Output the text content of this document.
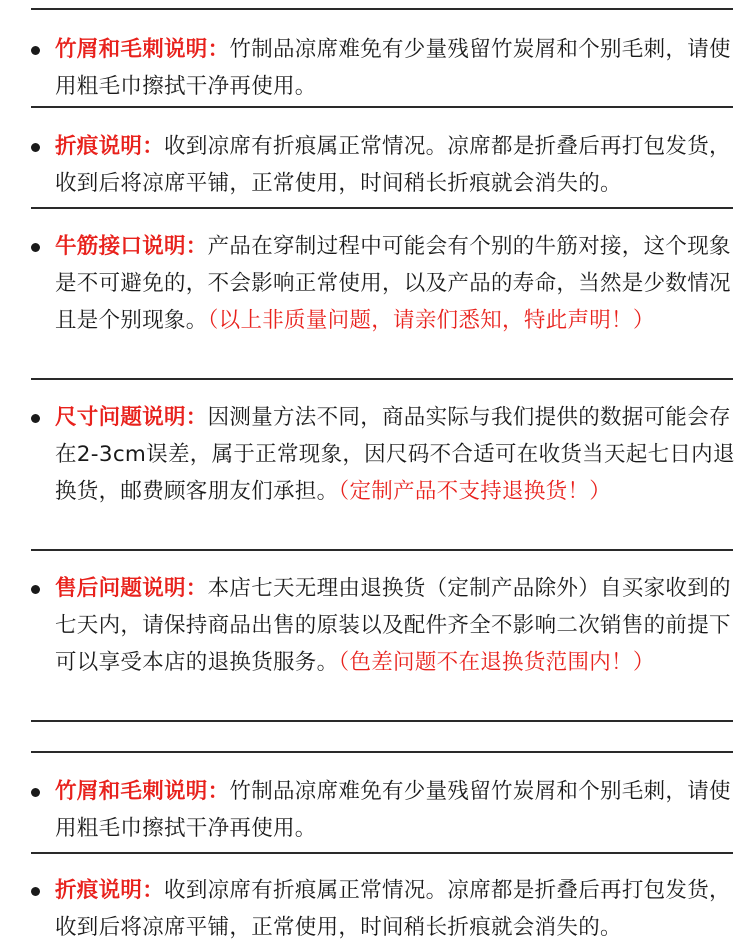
竹屑和毛刺说明：竹制品凉席难免有少量残留竹炭屑和个别毛刺，请使用粗毛巾擦拭干净再使用。
折痕说明：收到凉席有折痕属正常情况。凉席都是折叠后再打包发货，收到后将凉席平铺，正常使用，时间稍长折痕就会消失的。
牛筋接口说明：产品在穿制过程中可能会有个别的牛筋对接，这个现象是不可避免的，不会影响正常使用，以及产品的寿命，当然是少数情况且是个别现象。（以上非质量问题，请亲们悉知，特此声明！）
尺寸问题说明：因测量方法不同，商品实际与我们提供的数据可能会存在2-3cm误差，属于正常现象，因尺码不合适可在收货当天起七日内退换货，邮费顾客朋友们承担。（定制产品不支持退换货！）
售后问题说明：本店七天无理由退换货（定制产品除外）自买家收到的七天内，请保持商品出售的原装以及配件齐全不影响二次销售的前提下可以享受本店的退换货服务。（色差问题不在退换货范围内！）
竹屑和毛刺说明：竹制品凉席难免有少量残留竹炭屑和个别毛刺，请使用粗毛巾擦拭干净再使用。
折痕说明：收到凉席有折痕属正常情况。凉席都是折叠后再打包发货，收到后将凉席平铺，正常使用，时间稍长折痕就会消失的。
